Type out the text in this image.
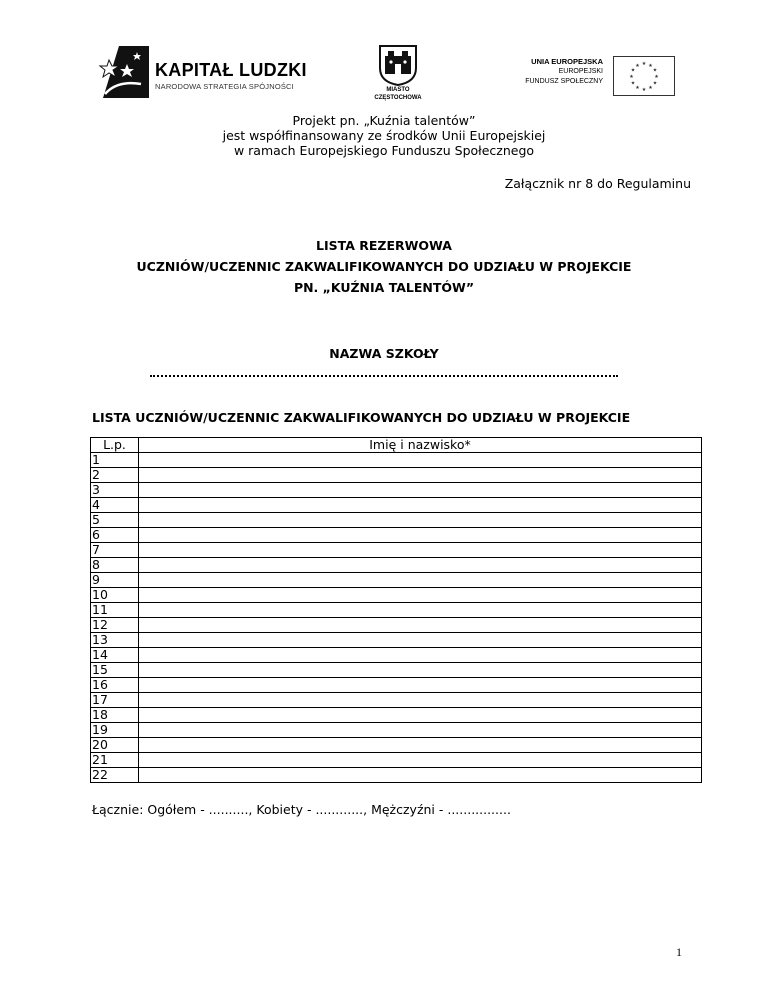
KAPITAŁ LUDZKI
NARODOWA STRATEGIA SPÓJNOŚCI	MIASTO
CZĘSTOCHOWA
UNIA EUROPEJSKA
EUROPEJSKI
FUNDUSZ SPOŁECZNY
★ ★
★
★
★
★
★
★
★
★
★
★
Projekt pn. „Kuźnia talentów”
jest współfinansowany ze środków Unii Europejskiej
w ramach Europejskiego Funduszu Społecznego
Załącznik nr 8 do Regulaminu
LISTA REZERWOWA
UCZNIÓW/UCZENNIC ZAKWALIFIKOWANYCH DO UDZIAŁU W PROJEKCIE
PN. „KUŹNIA TALENTÓW”
NAZWA SZKOŁY
LISTA UCZNIÓW/UCZENNIC ZAKWALIFIKOWANYCH DO UDZIAŁU W PROJEKCIE
L.p.	Imię i nazwisko*
1	
2	
3	
4	
5	
6	
7	
8	
9	
10	
11	
12	
13	
14	
15	
16	
17	
18	
19	
20	
21	
22	
Łącznie: Ogółem - .........., Kobiety - ............, Mężczyźni - ................
1
